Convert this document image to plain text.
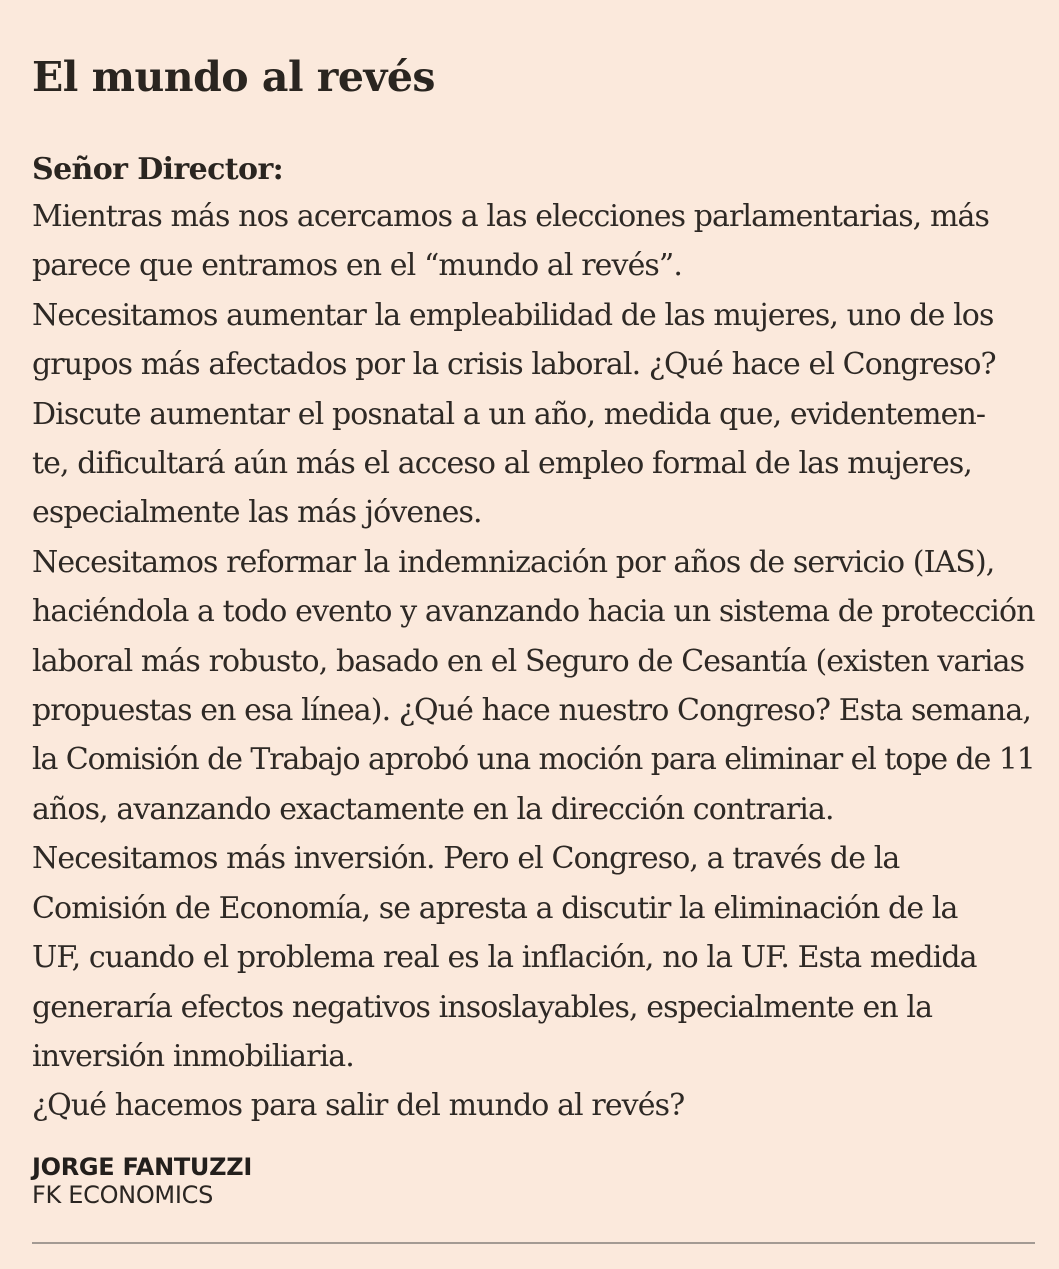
El mundo al revés

Señor Director:

Mientras más nos acercamos a las elecciones parlamentarias, más

parece que entramos en el “mundo al revés”.

Necesitamos aumentar la empleabilidad de las mujeres, uno de los

grupos más afectados por la crisis laboral. ¿Qué hace el Congreso?

Discute aumentar el posnatal a un año, medida que, evidentemen-

te, dificultará aún más el acceso al empleo formal de las mujeres,

especialmente las más jóvenes.

Necesitamos reformar la indemnización por años de servicio (IAS),

haciéndola a todo evento y avanzando hacia un sistema de protección

laboral más robusto, basado en el Seguro de Cesantía (existen varias

propuestas en esa línea). ¿Qué hace nuestro Congreso? Esta semana,

la Comisión de Trabajo aprobó una moción para eliminar el tope de 11

años, avanzando exactamente en la dirección contraria.

Necesitamos más inversión. Pero el Congreso, a través de la

Comisión de Economía, se apresta a discutir la eliminación de la

UF, cuando el problema real es la inflación, no la UF. Esta medida

generaría efectos negativos insoslayables, especialmente en la

inversión inmobiliaria.

¿Qué hacemos para salir del mundo al revés?

JORGE FANTUZZI
FK ECONOMICS
